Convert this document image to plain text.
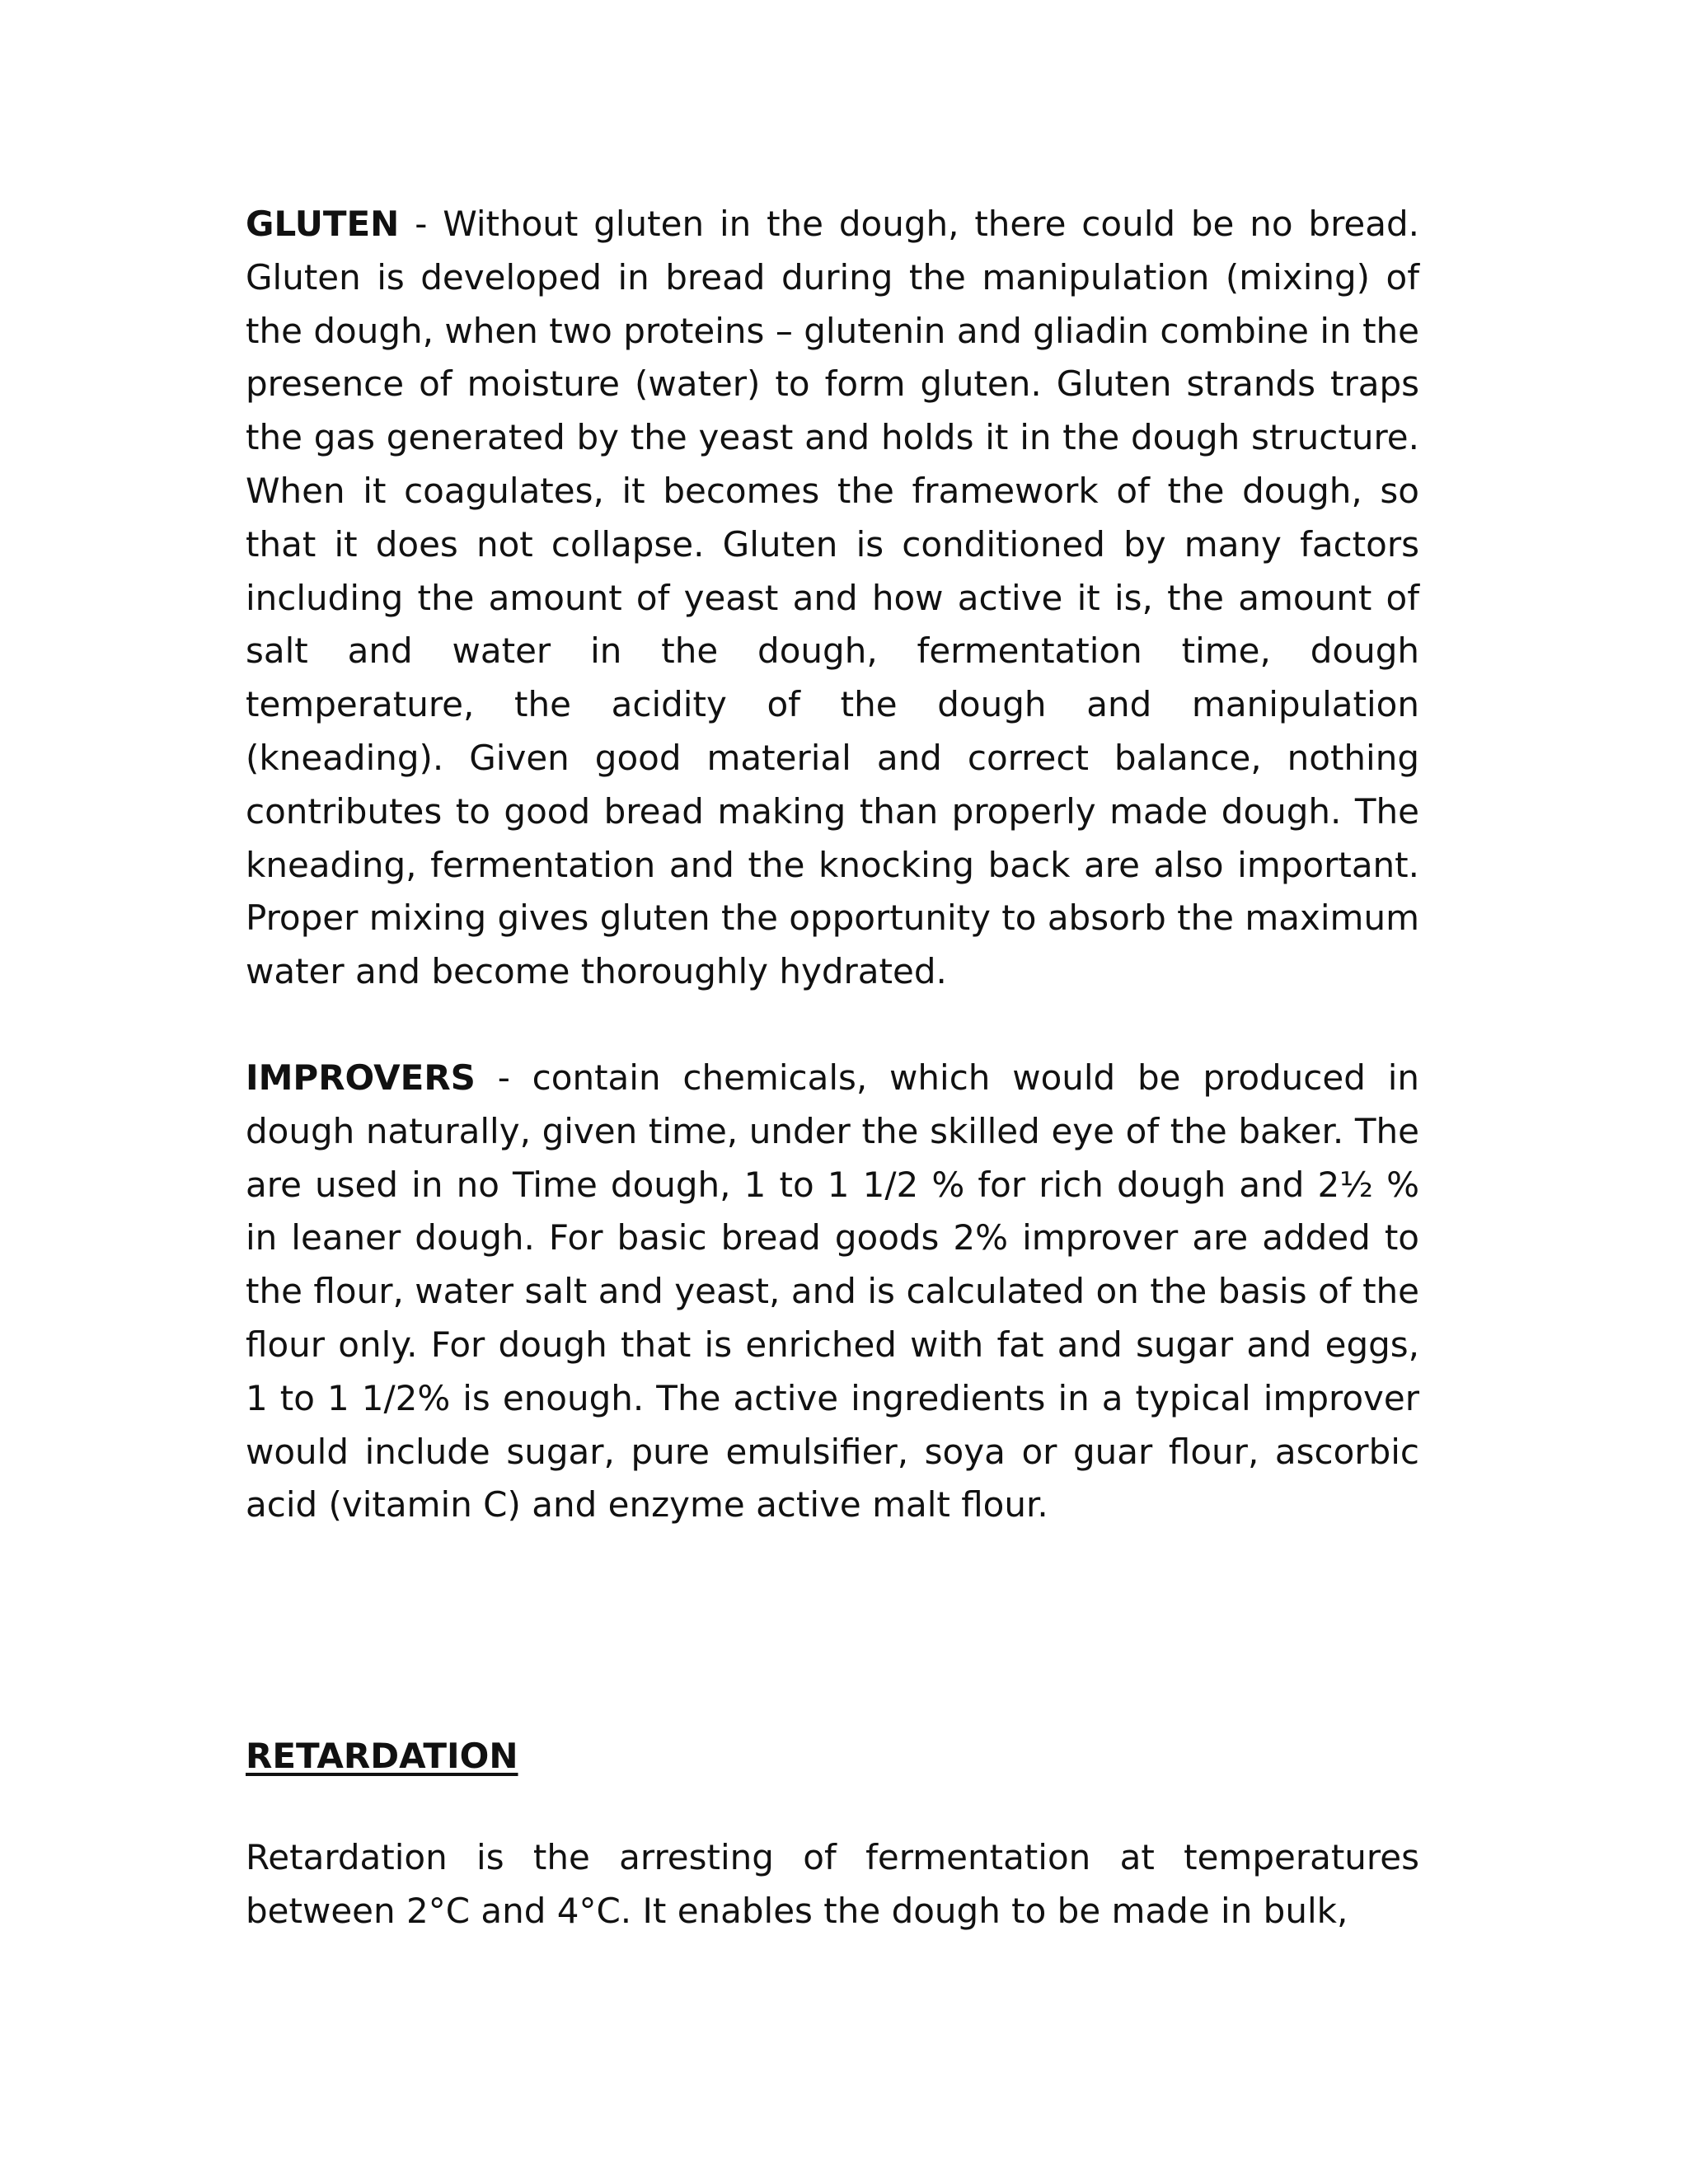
GLUTEN - Without gluten in the dough, there could be no bread. Gluten is developed in bread during the manipulation (mixing) of the dough, when two proteins – glutenin and gliadin combine in the presence of moisture (water) to form gluten. Gluten strands traps the gas generated by the yeast and holds it in the dough structure. When it coagulates, it becomes the framework of the dough, so that it does not collapse. Gluten is conditioned by many factors including the amount of yeast and how active it is, the amount of salt and water in the dough, fermentation time, dough temperature, the acidity of the dough and manipulation (kneading). Given good material and correct balance, nothing contributes to good bread making than properly made dough. The kneading, fermentation and the knocking back are also important. Proper mixing gives gluten the opportunity to absorb the maximum water and become thoroughly hydrated.

IMPROVERS - contain chemicals, which would be produced in dough naturally, given time, under the skilled eye of the baker. The are used in no Time dough, 1 to 1 1/2 % for rich dough and 2½ % in leaner dough. For basic bread goods 2% improver are added to the flour, water salt and yeast, and is calculated on the basis of the flour only. For dough that is enriched with fat and sugar and eggs, 1 to 1 1/2% is enough. The active ingredients in a typical improver would include sugar, pure emulsifier, soya or guar flour, ascorbic acid (vitamin C) and enzyme active malt flour.

RETARDATION

Retardation is the arresting of fermentation at temperatures between 2°C and 4°C. It enables the dough to be made in bulk,
